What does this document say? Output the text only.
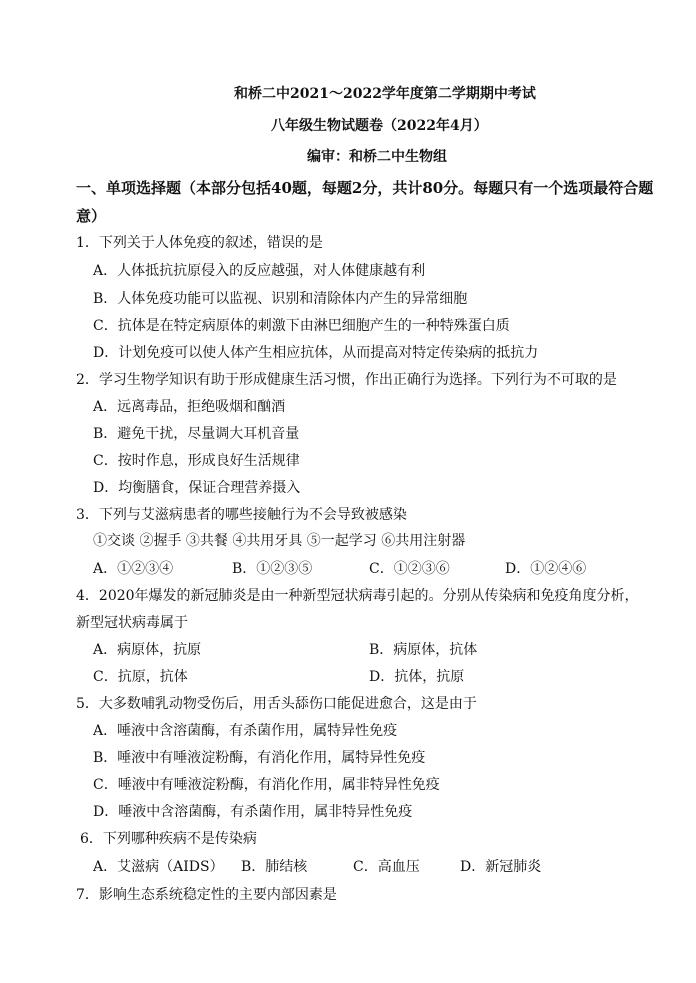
和桥二中2021～2022学年度第二学期期中考试
八年级生物试题卷（2022年4月）
编审：和桥二中生物组
一、单项选择题（本部分包括40题，每题2分，共计80分。每题只有一个选项最符合题
意）
1．下列关于人体免疫的叙述，错误的是
A．人体抵抗抗原侵入的反应越强，对人体健康越有利
B．人体免疫功能可以监视、识别和清除体内产生的异常细胞
C．抗体是在特定病原体的刺激下由淋巴细胞产生的一种特殊蛋白质
D．计划免疫可以使人体产生相应抗体，从而提高对特定传染病的抵抗力
2．学习生物学知识有助于形成健康生活习惯，作出正确行为选择。下列行为不可取的是
A．远离毒品，拒绝吸烟和酗酒
B．避免干扰，尽量调大耳机音量
C．按时作息，形成良好生活规律
D．均衡膳食，保证合理营养摄入
3．下列与艾滋病患者的哪些接触行为不会导致被感染
①交谈 ②握手 ③共餐 ④共用牙具 ⑤一起学习 ⑥共用注射器
A．①②③④	B．①②③⑤	C．①②③⑥	D．①②④⑥
4．2020年爆发的新冠肺炎是由一种新型冠状病毒引起的。分别从传染病和免疫角度分析，
新型冠状病毒属于
A．病原体，抗原	B．病原体，抗体
C．抗原，抗体	D．抗体，抗原
5．大多数哺乳动物受伤后，用舌头舔伤口能促进愈合，这是由于
A．唾液中含溶菌酶，有杀菌作用，属特异性免疫
B．唾液中有唾液淀粉酶，有消化作用，属特异性免疫
C．唾液中有唾液淀粉酶，有消化作用，属非特异性免疫
D．唾液中含溶菌酶，有杀菌作用，属非特异性免疫
6．下列哪种疾病不是传染病
A．艾滋病（AIDS） B．肺结核	C．高血压	D．新冠肺炎
7．影响生态系统稳定性的主要内部因素是
